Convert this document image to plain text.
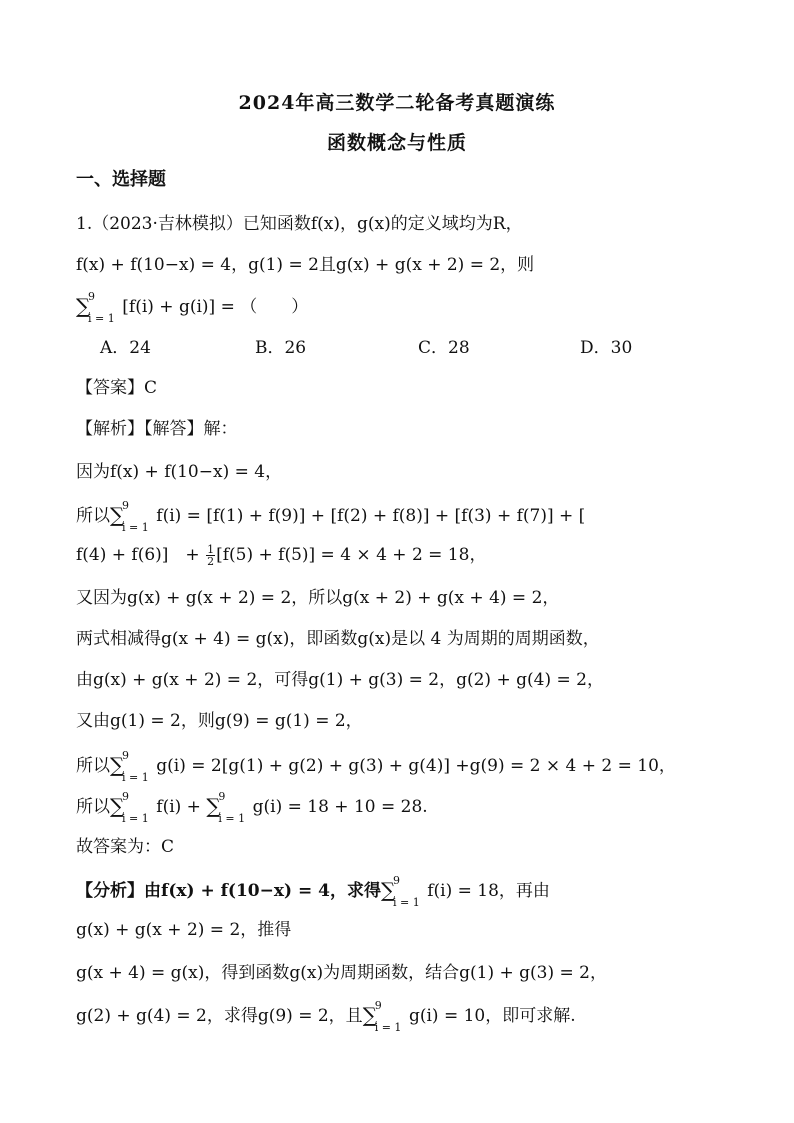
2024年高三数学二轮备考真题演练
函数概念与性质
一、选择题
1.（2023·吉林模拟）已知函数f(x)，g(x)的定义域均为R，
f(x) + f(10−x) = 4，g(1) = 2且g(x) + g(x + 2) = 2，则
∑
9
i = 1
[f(i) + g(i)] = （　　）
A．24	B．26	C．28	D．30
【答案】C
【解析】【解答】解：
因为f(x) + f(10−x) = 4，
所以∑
9
i = 1
f(i) = [f(1) + f(9)] + [f(2) + f(8)] + [f(3) + f(7)] + [
f(4) + f(6)]　+ $\frac{1}{2} [f(5) + f(5)] = 4 \times 4 + 2 = 18$，
又因为g(x) + g(x + 2) = 2，所以g(x + 2) + g(x + 4) = 2，
两式相减得g(x + 4) = g(x)，即函数g(x)是以 4 为周期的周期函数，
由g(x) + g(x + 2) = 2，可得g(1) + g(3) = 2，g(2) + g(4) = 2，
又由g(1) = 2，则g(9) = g(1) = 2，
所以∑
9
i = 1
g(i) = 2[g(1) + g(2) + g(3) + g(4)] +g(9) = 2 × 4 + 2 = 10，
所以∑
9
i = 1
f(i) + ∑
9
i = 1
g(i) = 18 + 10 = 28.
故答案为：C
【分析】由f(x) + f(10−x) = 4，求得∑
9
i = 1
f(i) = 18，再由
g(x) + g(x + 2) = 2，推得
g(x + 4) = g(x)，得到函数g(x)为周期函数，结合g(1) + g(3) = 2，
g(2) + g(4) = 2，求得g(9) = 2，且∑
9
i = 1
g(i) = 10，即可求解.
